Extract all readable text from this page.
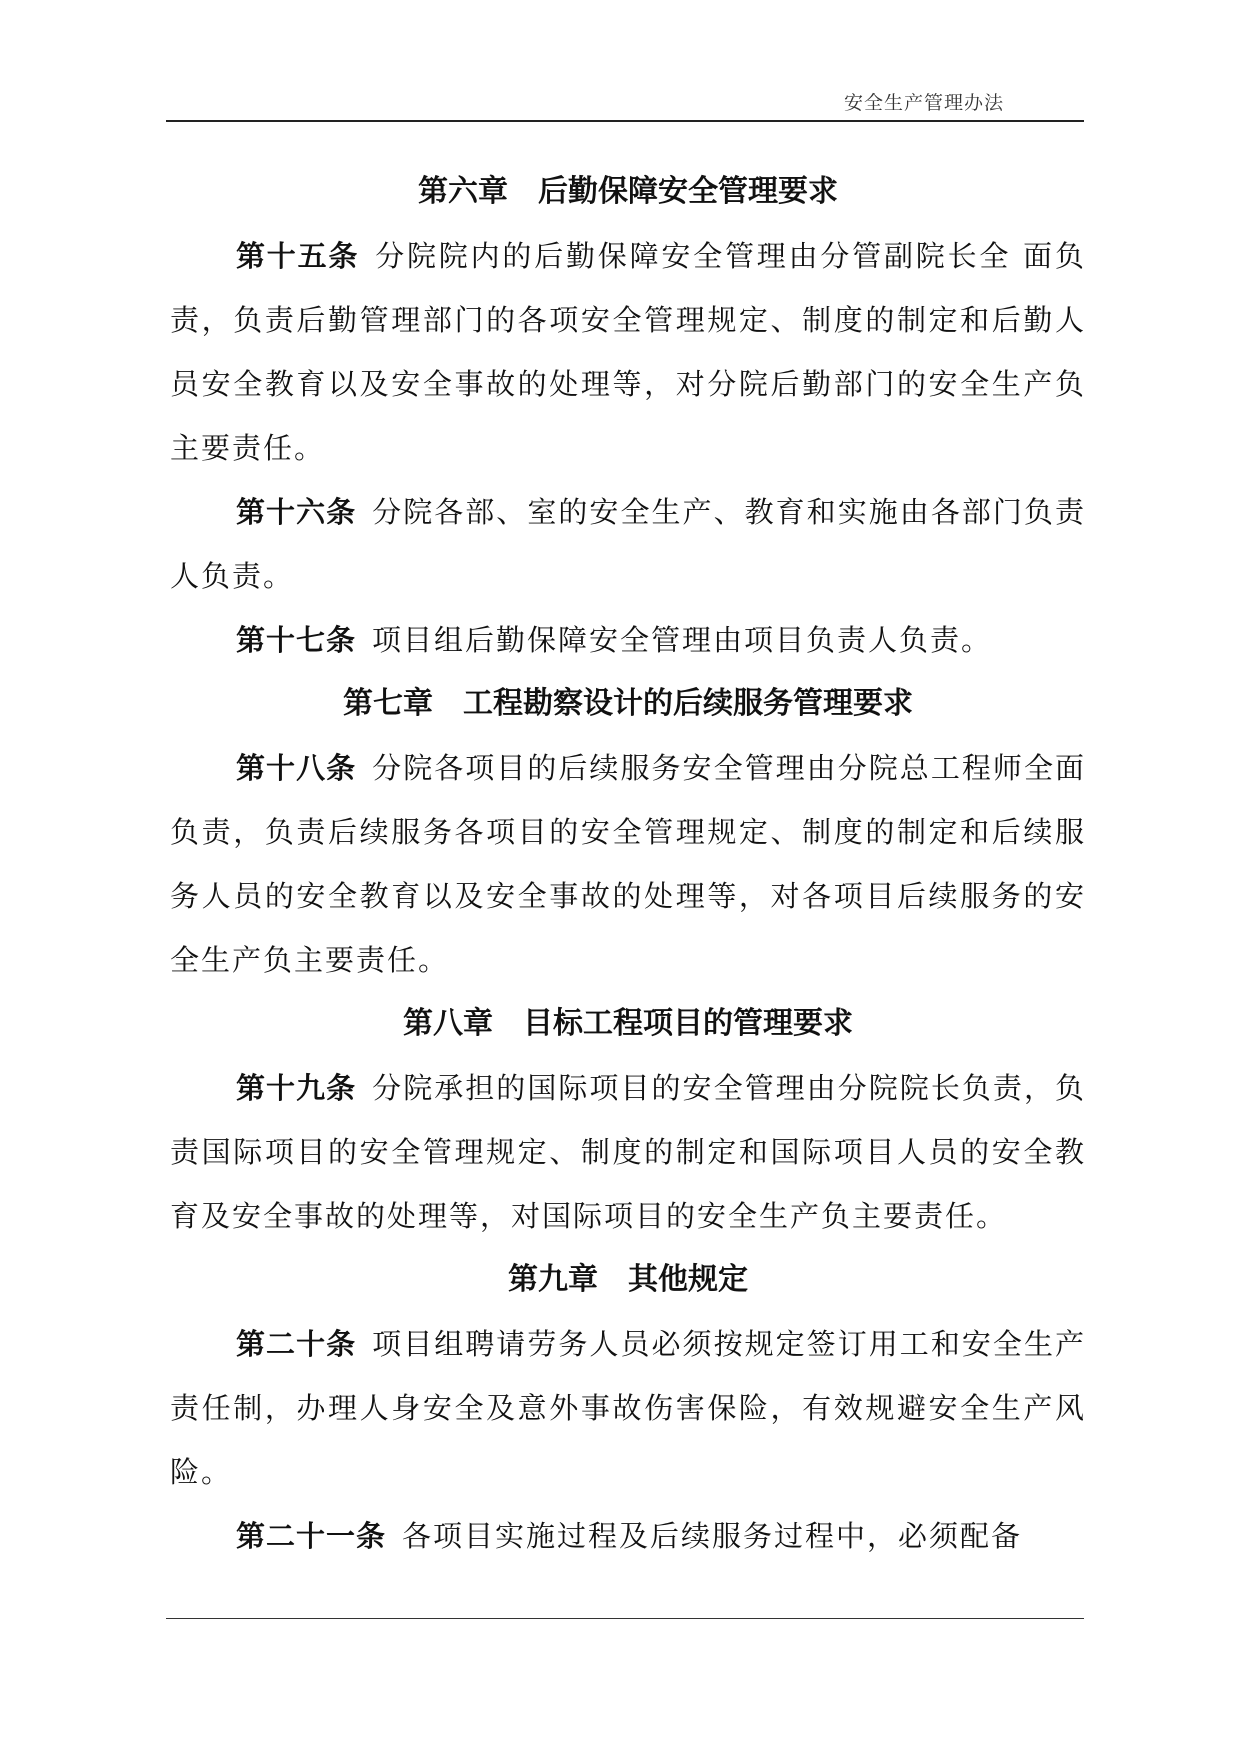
安全生产管理办法

第六章　后勤保障安全管理要求

第十五条 分院院内的后勤保障安全管理由分管副院长全 面负责，负责后勤管理部门的各项安全管理规定、制度的制定和后勤人员安全教育以及安全事故的处理等，对分院后勤部门的安全生产负主要责任。

第十六条 分院各部、室的安全生产、教育和实施由各部门负责人负责。

第十七条 项目组后勤保障安全管理由项目负责人负责。

第七章　工程勘察设计的后续服务管理要求

第十八条 分院各项目的后续服务安全管理由分院总工程师全面负责，负责后续服务各项目的安全管理规定、制度的制定和后续服务人员的安全教育以及安全事故的处理等，对各项目后续服务的安全生产负主要责任。

第八章　目标工程项目的管理要求

第十九条 分院承担的国际项目的安全管理由分院院长负责，负责国际项目的安全管理规定、制度的制定和国际项目人员的安全教育及安全事故的处理等，对国际项目的安全生产负主要责任。

第九章　其他规定

第二十条 项目组聘请劳务人员必须按规定签订用工和安全生产责任制，办理人身安全及意外事故伤害保险，有效规避安全生产风险。

第二十一条 各项目实施过程及后续服务过程中，必须配备
